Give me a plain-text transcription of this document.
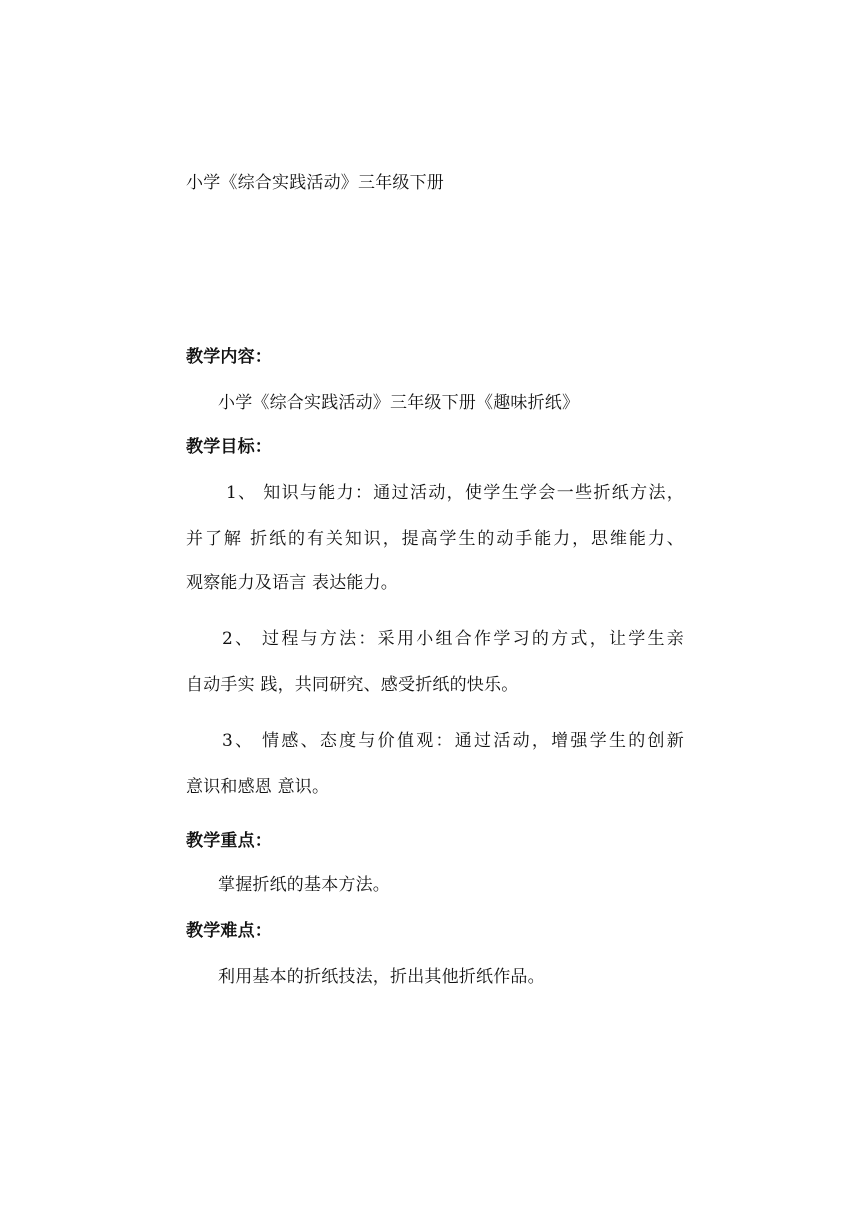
小学《综合实践活动》三年级下册
教学内容：
小学《综合实践活动》三年级下册《趣味折纸》
教学目标：
1、 知识与能力：通过活动，使学生学会一些折纸方法，
并了解 折纸的有关知识，提高学生的动手能力，思维能力、
观察能力及语言 表达能力。
2、 过程与方法：采用小组合作学习的方式，让学生亲
自动手实 践，共同研究、感受折纸的快乐。
3、 情感、态度与价值观：通过活动，增强学生的创新
意识和感恩 意识。
教学重点：
掌握折纸的基本方法。
教学难点：
利用基本的折纸技法，折出其他折纸作品。
